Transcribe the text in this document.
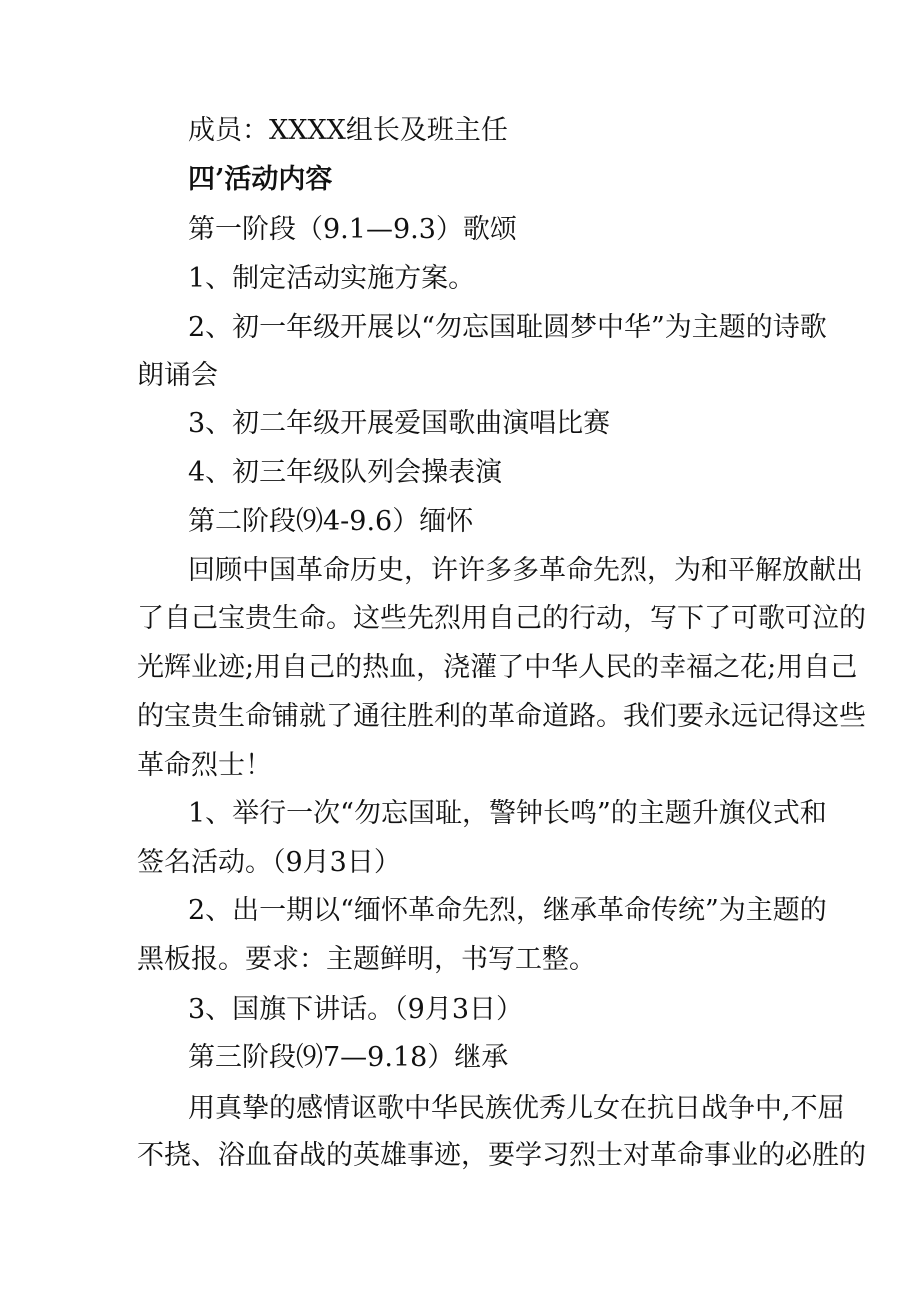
成员：XXXX组长及班主任
四’活动内容
第一阶段（9.1—9.3）歌颂
1、制定活动实施方案。
2、初一年级开展以“勿忘国耻圆梦中华”为主题的诗歌
朗诵会
3、初二年级开展爱国歌曲演唱比赛
4、初三年级队列会操表演
第二阶段⑼4-9.6）缅怀
回顾中国革命历史，许许多多革命先烈，为和平解放献出
了自己宝贵生命。这些先烈用自己的行动，写下了可歌可泣的
光辉业迹;用自己的热血，浇灌了中华人民的幸福之花;用自己
的宝贵生命铺就了通往胜利的革命道路。我们要永远记得这些
革命烈士！
1、举行一次“勿忘国耻，警钟长鸣”的主题升旗仪式和
签名活动。（9月3日）
2、出一期以“缅怀革命先烈，继承革命传统”为主题的
黑板报。要求：主题鲜明，书写工整。
3、国旗下讲话。（9月3日）
第三阶段⑼7—9.18）继承
用真挚的感情讴歌中华民族优秀儿女在抗日战争中,不屈
不挠、浴血奋战的英雄事迹，要学习烈士对革命事业的必胜的
